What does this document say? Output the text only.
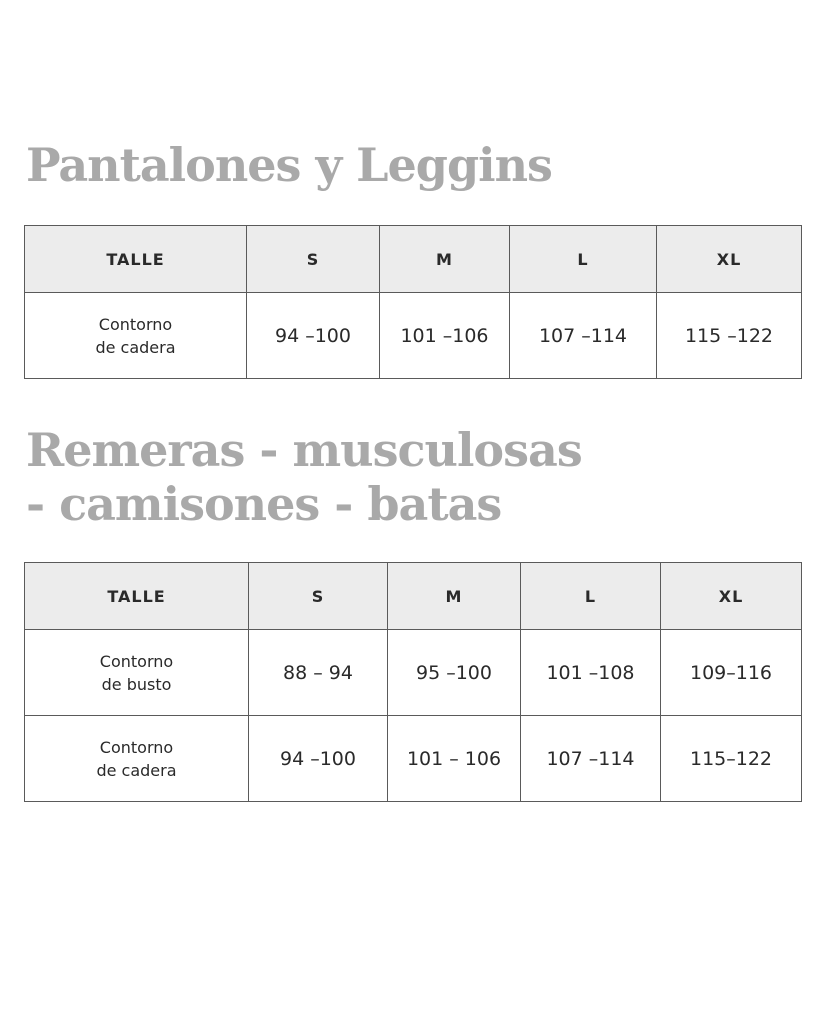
Pantalones y Leggins
TALLE	S	M	L	XL

Contorno
de cadera	94 –100	101 –106	107 –114	115 –122
Remeras - musculosas
- camisones - batas
TALLE	S	M	L	XL

Contorno
de busto	88 – 94	95 –100	101 –108	109–116

Contorno
de cadera	94 –100	101 – 106	107 –114	115–122
